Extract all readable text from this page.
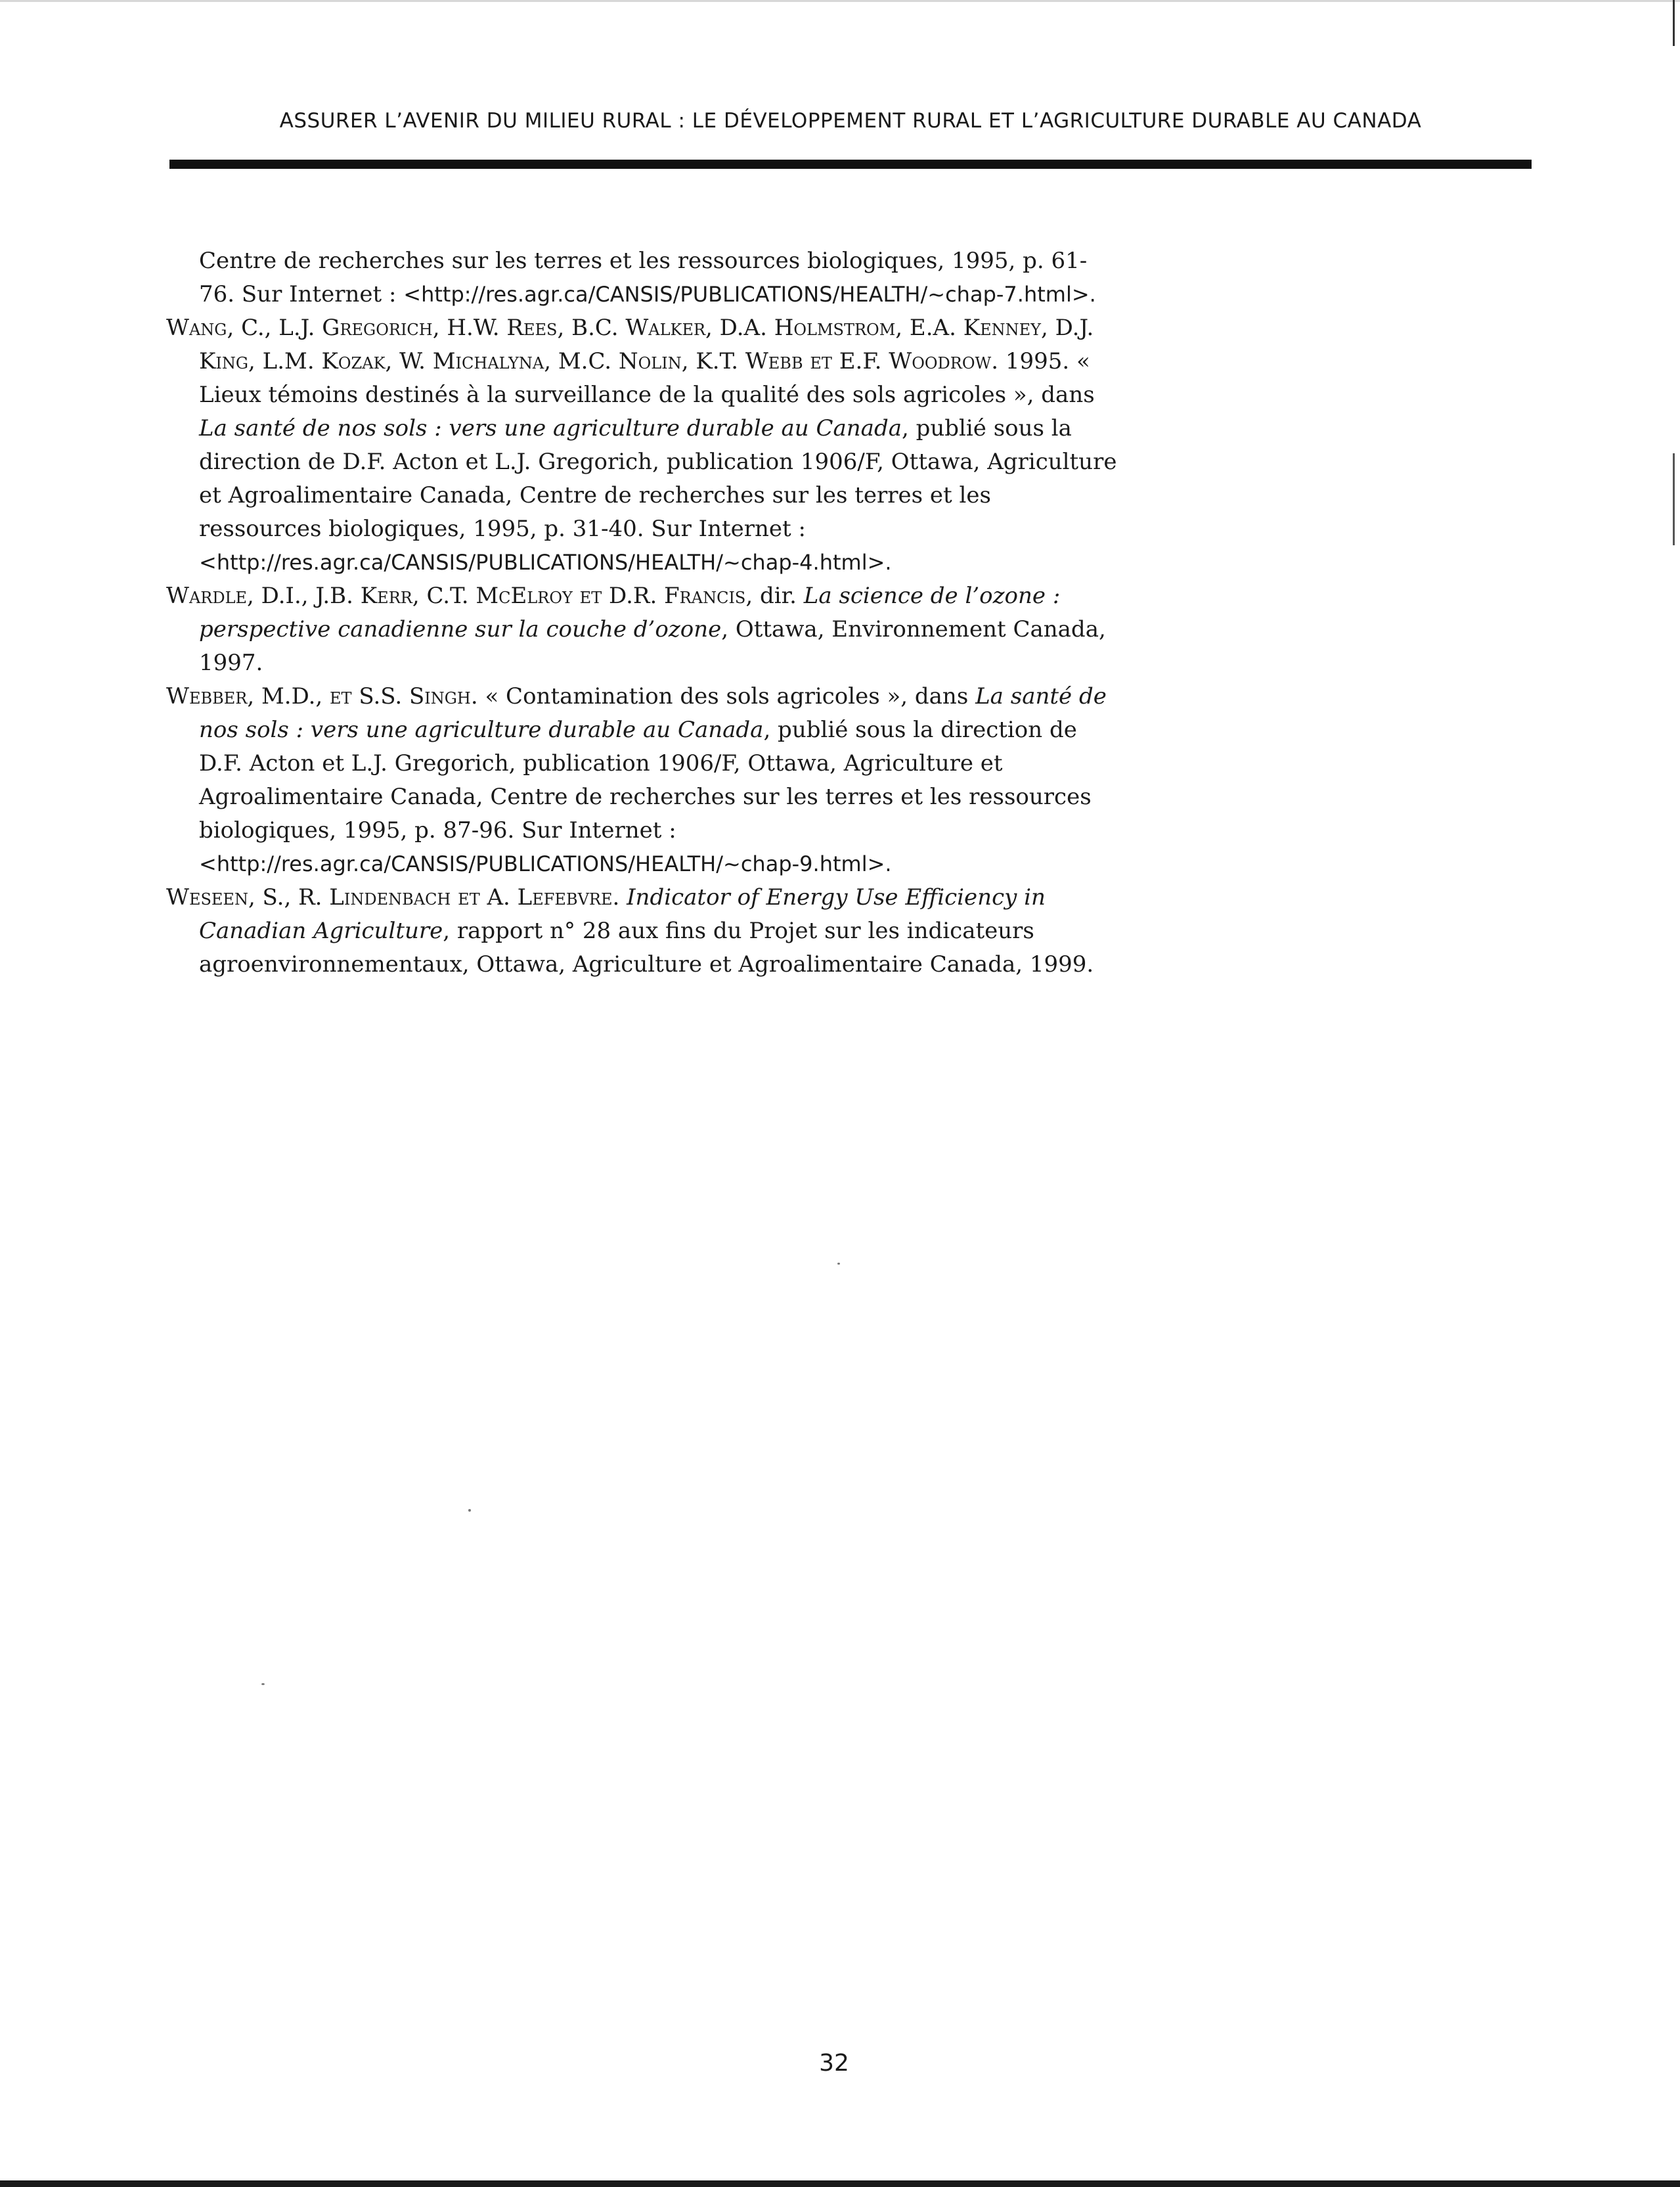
ASSURER L’AVENIR DU MILIEU RURAL : LE DÉVELOPPEMENT RURAL ET L’AGRICULTURE DURABLE AU CANADA

Centre de recherches sur les terres et les ressources biologiques, 1995, p. 61-76. Sur Internet : <http://res.agr.ca/CANSIS/PUBLICATIONS/HEALTH/~chap-7.html>.

Wang, C., L.J. Gregorich, H.W. Rees, B.C. Walker, D.A. Holmstrom, E.A. Kenney, D.J. King, L.M. Kozak, W. Michalyna, M.C. Nolin, K.T. Webb et E.F. Woodrow. 1995. « Lieux témoins destinés à la surveillance de la qualité des sols agricoles », dans La santé de nos sols : vers une agriculture durable au Canada, publié sous la direction de D.F. Acton et L.J. Gregorich, publication 1906/F, Ottawa, Agriculture et Agroalimentaire Canada, Centre de recherches sur les terres et les ressources biologiques, 1995, p. 31-40. Sur Internet : <http://res.agr.ca/CANSIS/PUBLICATIONS/HEALTH/~chap-4.html>.

Wardle, D.I., J.B. Kerr, C.T. McElroy et D.R. Francis, dir. La science de l’ozone : perspective canadienne sur la couche d’ozone, Ottawa, Environnement Canada, 1997.

Webber, M.D., et S.S. Singh. « Contamination des sols agricoles », dans La santé de nos sols : vers une agriculture durable au Canada, publié sous la direction de D.F. Acton et L.J. Gregorich, publication 1906/F, Ottawa, Agriculture et Agroalimentaire Canada, Centre de recherches sur les terres et les ressources biologiques, 1995, p. 87-96. Sur Internet : <http://res.agr.ca/CANSIS/PUBLICATIONS/HEALTH/~chap-9.html>.

Weseen, S., R. Lindenbach et A. Lefebvre. Indicator of Energy Use Efficiency in Canadian Agriculture, rapport n° 28 aux fins du Projet sur les indicateurs agroenvironnementaux, Ottawa, Agriculture et Agroalimentaire Canada, 1999.

32
